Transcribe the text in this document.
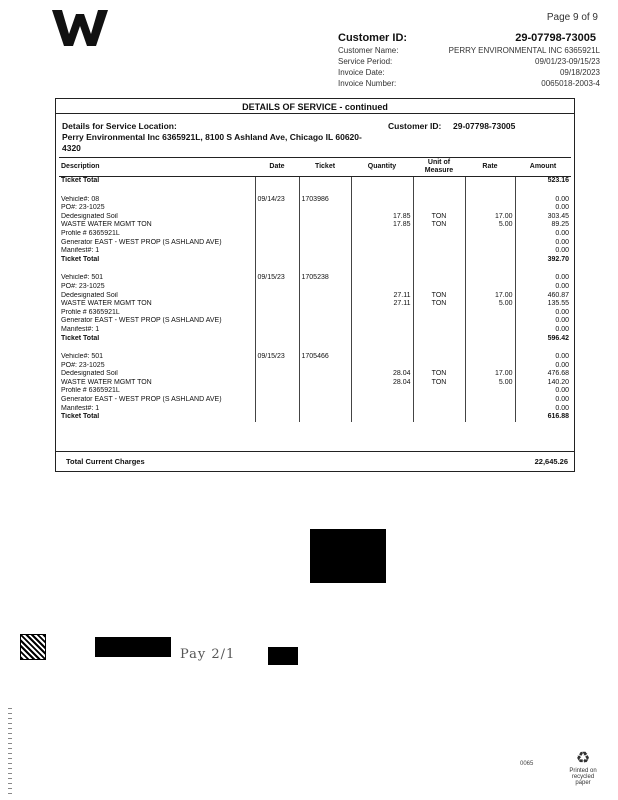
Page 9 of 9
Customer ID:	29-07798-73005
Customer Name:	PERRY ENVIRONMENTAL INC 6365921L
Service Period:	09/01/23-09/15/23
Invoice Date:	09/18/2023
Invoice Number:	0065018-2003-4
DETAILS OF SERVICE - continued
Details for Service Location:	Customer ID: 29-07798-73005
Perry Environmental Inc 6365921L, 8100 S Ashland Ave, Chicago IL 60620-4320
Description	Date	Ticket	Quantity	Unit of Measure	Rate	Amount
Ticket Total						523.16

Vehicle#: 08	09/14/23	1703986				0.00
PO#: 23-1025						0.00
Dedesignated Soil			17.85	TON	17.00	303.45
WASTE WATER MGMT TON			17.85	TON	5.00	89.25
Profile # 6365921L						0.00
Generator EAST - WEST PROP (S ASHLAND AVE)						0.00
Manifest#: 1						0.00
Ticket Total						392.70

Vehicle#: 501	09/15/23	1705238				0.00
PO#: 23-1025						0.00
Dedesignated Soil			27.11	TON	17.00	460.87
WASTE WATER MGMT TON			27.11	TON	5.00	135.55
Profile # 6365921L						0.00
Generator EAST - WEST PROP (S ASHLAND AVE)						0.00
Manifest#: 1						0.00
Ticket Total						596.42

Vehicle#: 501	09/15/23	1705466				0.00
PO#: 23-1025						0.00
Dedesignated Soil			28.04	TON	17.00	476.68
WASTE WATER MGMT TON			28.04	TON	5.00	140.20
Profile # 6365921L						0.00
Generator EAST - WEST PROP (S ASHLAND AVE)						0.00
Manifest#: 1						0.00
Ticket Total						616.88
Total Current Charges	22,645.26
Pay 2/1
0065	♻
Printed on recycled paper
